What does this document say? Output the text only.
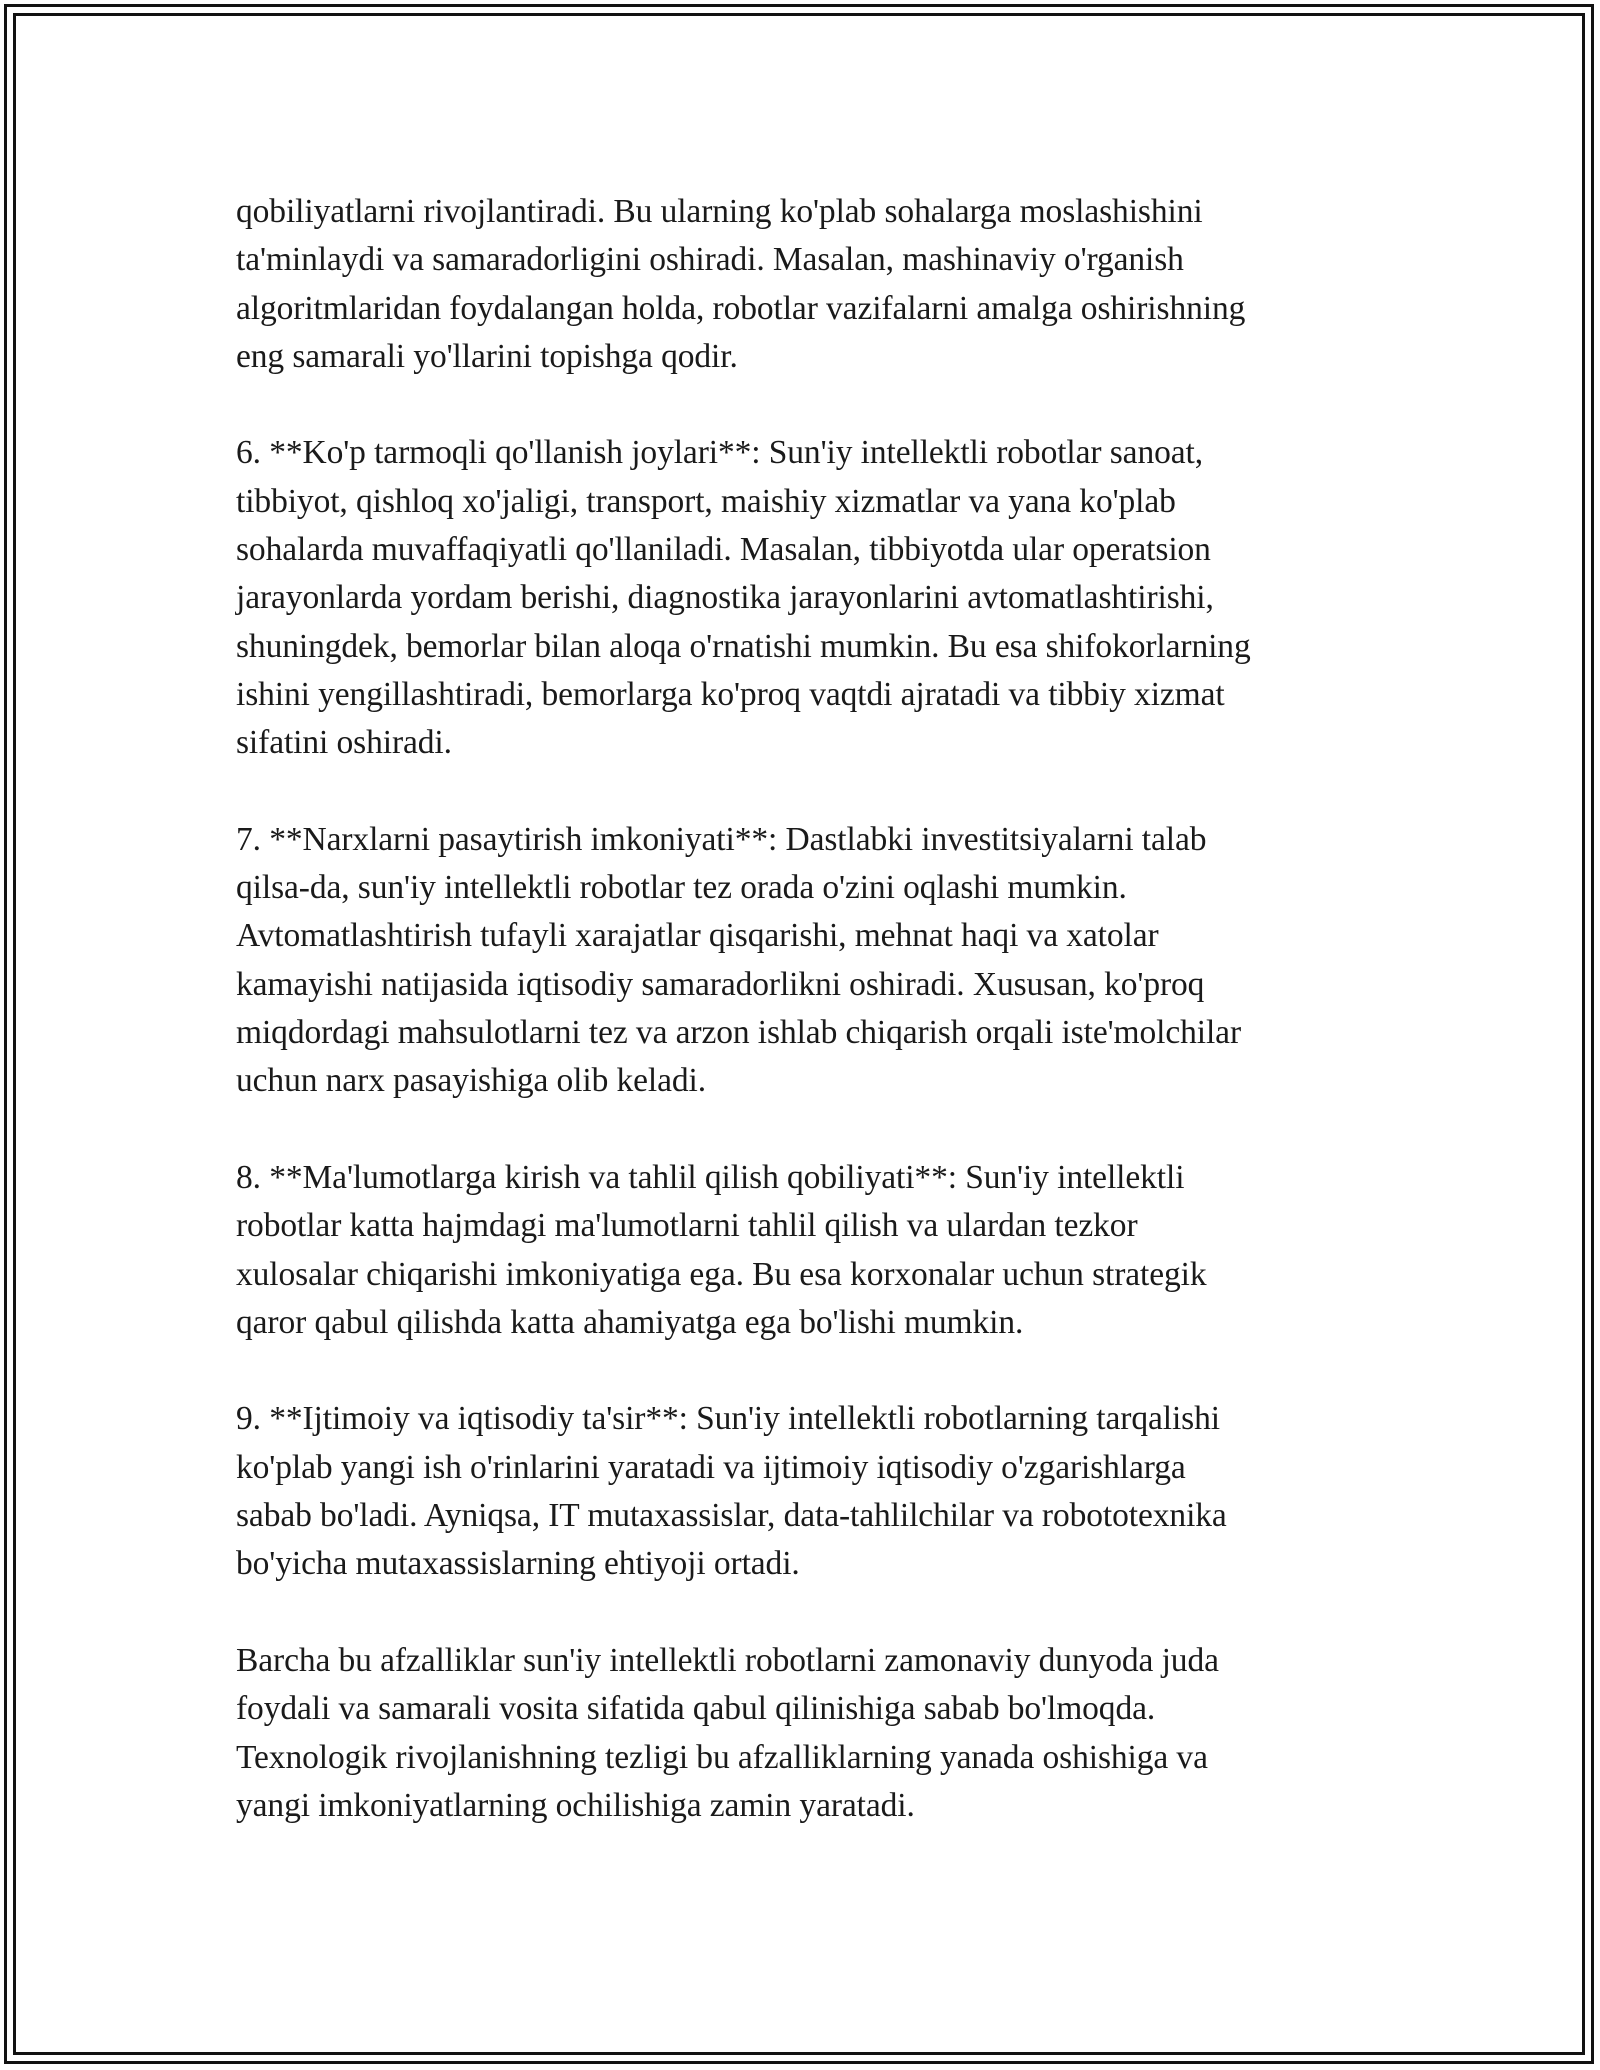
qobiliyatlarni rivojlantiradi. Bu ularning ko'plab sohalarga moslashishini
ta'minlaydi va samaradorligini oshiradi. Masalan, mashinaviy o'rganish
algoritmlaridan foydalangan holda, robotlar vazifalarni amalga oshirishning
eng samarali yo'llarini topishga qodir.

6. **Ko'p tarmoqli qo'llanish joylari**: Sun'iy intellektli robotlar sanoat,
tibbiyot, qishloq xo'jaligi, transport, maishiy xizmatlar va yana ko'plab
sohalarda muvaffaqiyatli qo'llaniladi. Masalan, tibbiyotda ular operatsion
jarayonlarda yordam berishi, diagnostika jarayonlarini avtomatlashtirishi,
shuningdek, bemorlar bilan aloqa o'rnatishi mumkin. Bu esa shifokorlarning
ishini yengillashtiradi, bemorlarga ko'proq vaqtdi ajratadi va tibbiy xizmat
sifatini oshiradi.

7. **Narxlarni pasaytirish imkoniyati**: Dastlabki investitsiyalarni talab
qilsa-da, sun'iy intellektli robotlar tez orada o'zini oqlashi mumkin.
Avtomatlashtirish tufayli xarajatlar qisqarishi, mehnat haqi va xatolar
kamayishi natijasida iqtisodiy samaradorlikni oshiradi. Xususan, ko'proq
miqdordagi mahsulotlarni tez va arzon ishlab chiqarish orqali iste'molchilar
uchun narx pasayishiga olib keladi.

8. **Ma'lumotlarga kirish va tahlil qilish qobiliyati**: Sun'iy intellektli
robotlar katta hajmdagi ma'lumotlarni tahlil qilish va ulardan tezkor
xulosalar chiqarishi imkoniyatiga ega. Bu esa korxonalar uchun strategik
qaror qabul qilishda katta ahamiyatga ega bo'lishi mumkin.

9. **Ijtimoiy va iqtisodiy ta'sir**: Sun'iy intellektli robotlarning tarqalishi
ko'plab yangi ish o'rinlarini yaratadi va ijtimoiy iqtisodiy o'zgarishlarga
sabab bo'ladi. Ayniqsa, IT mutaxassislar, data-tahlilchilar va robototexnika
bo'yicha mutaxassislarning ehtiyoji ortadi.

Barcha bu afzalliklar sun'iy intellektli robotlarni zamonaviy dunyoda juda
foydali va samarali vosita sifatida qabul qilinishiga sabab bo'lmoqda.
Texnologik rivojlanishning tezligi bu afzalliklarning yanada oshishiga va
yangi imkoniyatlarning ochilishiga zamin yaratadi.
